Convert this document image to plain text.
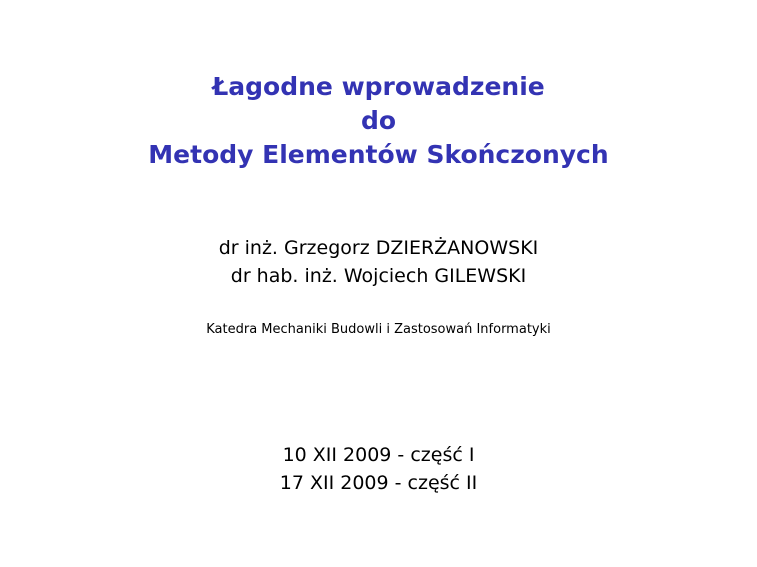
Łagodne wprowadzenie
do
Metody Elementów Skończonych
dr inż. Grzegorz DZIERŻANOWSKI
dr hab. inż. Wojciech GILEWSKI
Katedra Mechaniki Budowli i Zastosowań Informatyki
10 XII 2009 - część I
17 XII 2009 - część II
